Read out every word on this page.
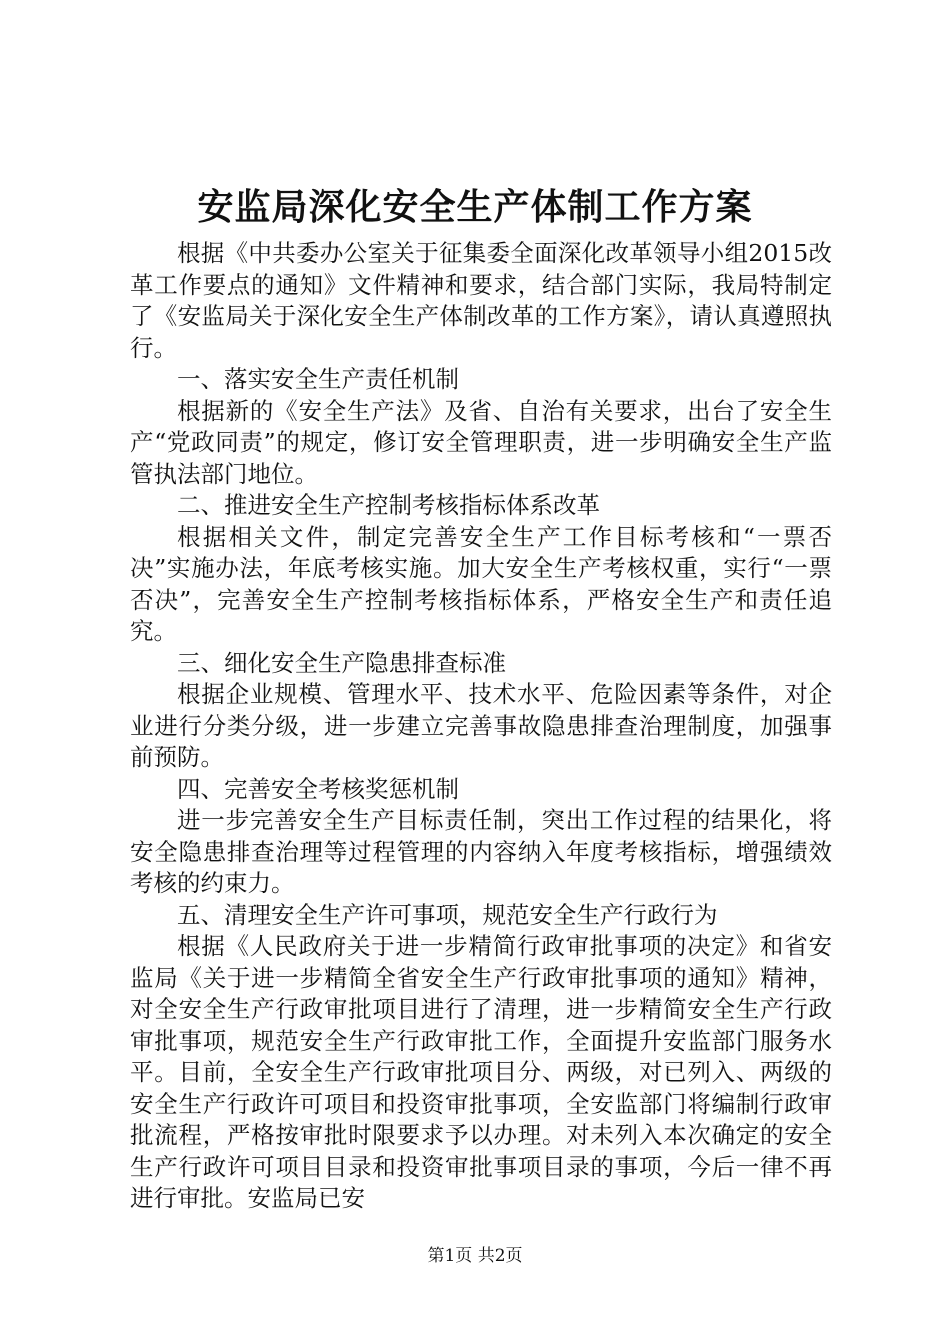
安监局深化安全生产体制工作方案

根据《中共委办公室关于征集委全面深化改革领导小组2015改革工作要点的通知》文件精神和要求，结合部门实际，我局特制定了《安监局关于深化安全生产体制改革的工作方案》，请认真遵照执行。

一、落实安全生产责任机制

根据新的《安全生产法》及省、自治有关要求，出台了安全生产“党政同责”的规定，修订安全管理职责，进一步明确安全生产监管执法部门地位。

二、推进安全生产控制考核指标体系改革

根据相关文件，制定完善安全生产工作目标考核和“一票否决”实施办法，年底考核实施。加大安全生产考核权重，实行“一票否决”，完善安全生产控制考核指标体系，严格安全生产和责任追究。

三、细化安全生产隐患排查标准

根据企业规模、管理水平、技术水平、危险因素等条件，对企业进行分类分级，进一步建立完善事故隐患排查治理制度，加强事前预防。

四、完善安全考核奖惩机制

进一步完善安全生产目标责任制，突出工作过程的结果化，将安全隐患排查治理等过程管理的内容纳入年度考核指标，增强绩效考核的约束力。

五、清理安全生产许可事项，规范安全生产行政行为

根据《人民政府关于进一步精简行政审批事项的决定》和省安监局《关于进一步精简全省安全生产行政审批事项的通知》精神，对全安全生产行政审批项目进行了清理，进一步精简安全生产行政审批事项，规范安全生产行政审批工作，全面提升安监部门服务水平。目前，全安全生产行政审批项目分、两级，对已列入、两级的安全生产行政许可项目和投资审批事项，全安监部门将编制行政审批流程，严格按审批时限要求予以办理。对未列入本次确定的安全生产行政许可项目目录和投资审批事项目录的事项，今后一律不再进行审批。安监局已安

第1页 共2页
